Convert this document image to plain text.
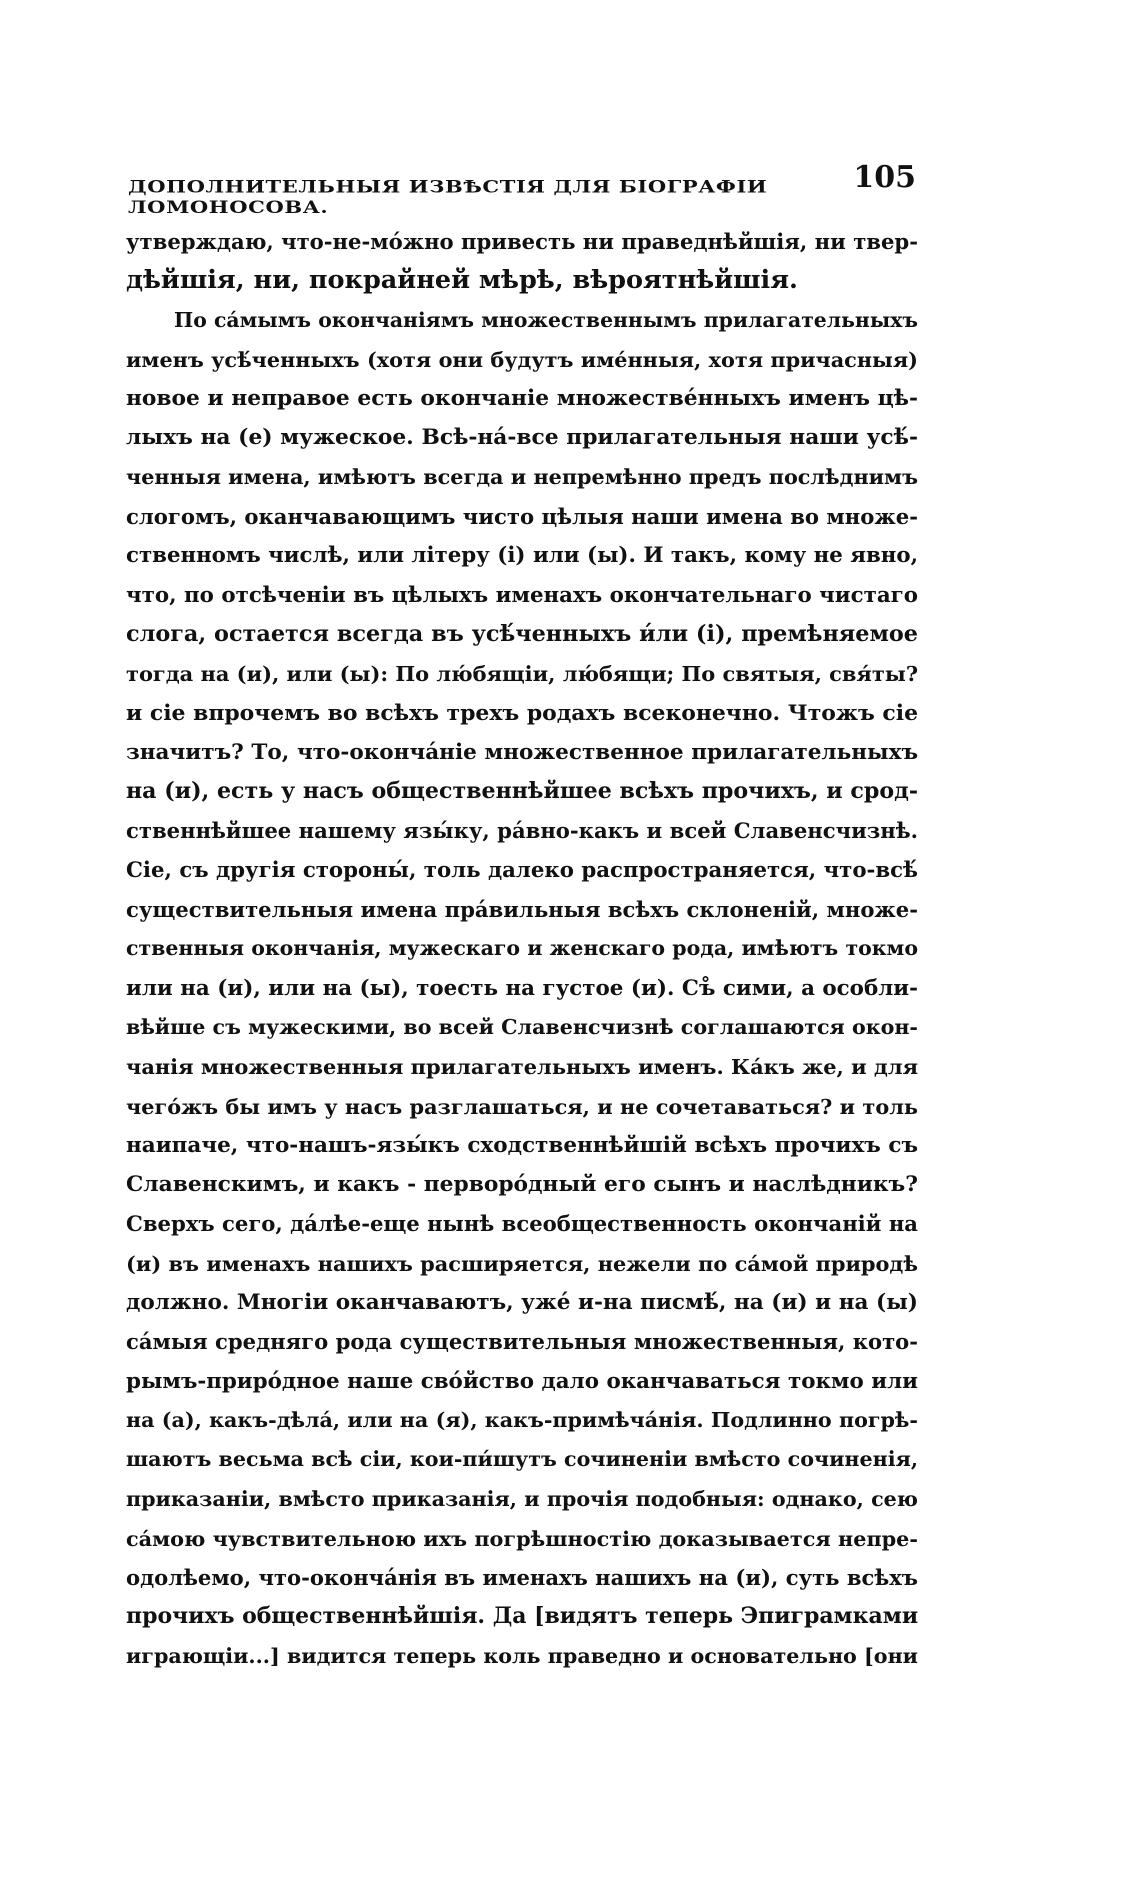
ДОПОЛНИТЕЛЬНЫЯ ИЗВѢСТІЯ ДЛЯ БІОГРАФІИ ЛОМОНОСОВА.
105
утверждаю, что-не-мо́жно привесть ни праведнѣйшія, ни твер-
дѣйшія, ни, покрайней мѣрѣ, вѣроятнѣйшія.
По са́мымъ окончаніямъ множественнымъ прилагательныхъ
именъ усѣ́ченныхъ (хотя они будутъ име́нныя, хотя причасныя)
новое и неправое есть окончаніе множестве́нныхъ именъ цѣ-
лыхъ на (е) мужеское. Всѣ-на́-все прилагательныя наши усѣ́-
ченныя имена, имѣютъ всегда и непремѣнно предъ послѣднимъ
слогомъ, оканчавающимъ чисто цѣлыя наши имена во множе-
ственномъ числѣ, или літеру (і) или (ы). И такъ, кому не явно,
что, по отсѣченіи въ цѣлыхъ именахъ окончательнаго чистаго
слога, остается всегда въ усѣ́ченныхъ и́ли (і), премѣняемое
тогда на (и), или (ы): По лю́бящіи, лю́бящи; По святыя, свя́ты?
и сіе впрочемъ во всѣхъ трехъ родахъ всеконечно. Чтожъ сіе
значитъ? То, что-оконча́ніе множественное прилагательныхъ
на (и), есть у насъ общественнѣйшее всѣхъ прочихъ, и срод-
ственнѣйшее нашему язы́ку, ра́вно-какъ и всей Славенсчизнѣ.
Сіе, съ другія стороны́, толь далеко распространяется, что-всѣ́
существительныя имена пра́вильныя всѣхъ склоненій, множе-
ственныя окончанія, мужескаго и женскаго рода, имѣютъ токмо
или на (и), или на (ы), тоесть на густое (и). Съ̊ сими, а особли-
вѣйше съ мужескими, во всей Славенсчизнѣ соглашаются окон-
чанія множественныя прилагательныхъ именъ. Ка́къ же, и для
чего́жъ бы имъ у насъ разглашаться, и не сочетаваться? и толь
наипаче, что-нашъ-язы́къ сходственнѣйшій всѣхъ прочихъ съ
Славенскимъ, и какъ - перворо́дный его сынъ и наслѣдникъ?
Сверхъ сего, да́лѣе-еще нынѣ всеобщественность окончаній на
(и) въ именахъ нашихъ расширяется, нежели по са́мой природѣ
должно. Многіи оканчаваютъ, уже́ и-на писмѣ́, на (и) и на (ы)
са́мыя средняго рода существительныя множественныя, кото-
рымъ-приро́дное наше сво́йство дало оканчаваться токмо или
на (а), какъ-дѣла́, или на (я), какъ-примѣча́нія. Подлинно погрѣ-
шаютъ весьма всѣ сіи, кои-пи́шутъ сочиненіи вмѣсто сочиненія,
приказаніи, вмѣсто приказанія, и прочія подобныя: однако, сею
са́мою чувствительною ихъ погрѣшностію доказывается непре-
одолѣемо, что-оконча́нія въ именахъ нашихъ на (и), суть всѣхъ
прочихъ общественнѣйшія. Да [видятъ теперь Эпиграмками
играющіи...] видится теперь коль праведно и основательно [они
